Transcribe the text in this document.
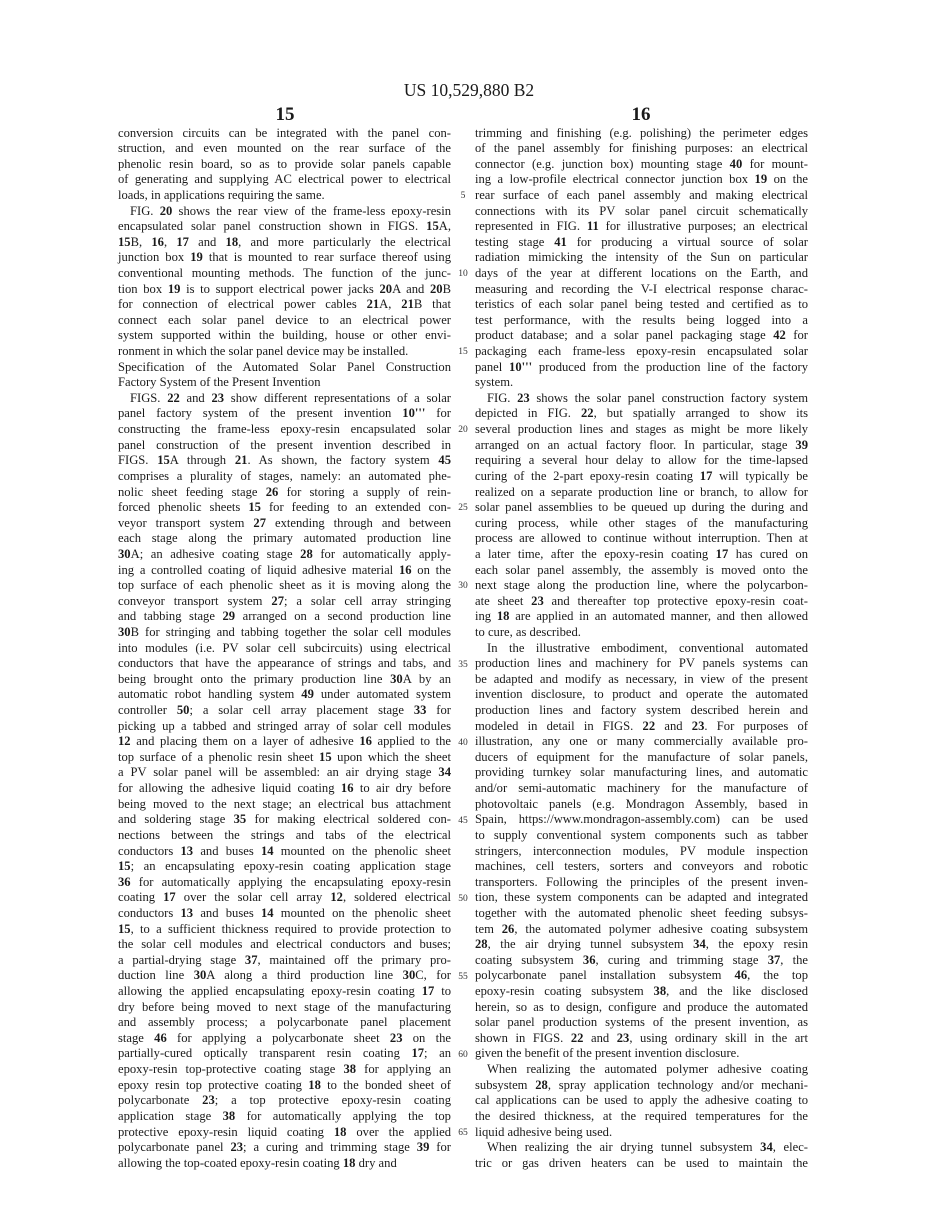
US 10,529,880 B2
15	16
conversion circuits can be integrated with the panel con-
struction, and even mounted on the rear surface of the
phenolic resin board, so as to provide solar panels capable
of generating and supplying AC electrical power to electrical
loads, in applications requiring the same.
FIG. 20 shows the rear view of the frame-less epoxy-resin
encapsulated solar panel construction shown in FIGS. 15A,
15B, 16, 17 and 18, and more particularly the electrical
junction box 19 that is mounted to rear surface thereof using
conventional mounting methods. The function of the junc-
tion box 19 is to support electrical power jacks 20A and 20B
for connection of electrical power cables 21A, 21B that
connect each solar panel device to an electrical power
system supported within the building, house or other envi-
ronment in which the solar panel device may be installed.
Specification of the Automated Solar Panel Construction
Factory System of the Present Invention
FIGS. 22 and 23 show different representations of a solar
panel factory system of the present invention 10''' for
constructing the frame-less epoxy-resin encapsulated solar
panel construction of the present invention described in
FIGS. 15A through 21. As shown, the factory system 45
comprises a plurality of stages, namely: an automated phe-
nolic sheet feeding stage 26 for storing a supply of rein-
forced phenolic sheets 15 for feeding to an extended con-
veyor transport system 27 extending through and between
each stage along the primary automated production line
30A; an adhesive coating stage 28 for automatically apply-
ing a controlled coating of liquid adhesive material 16 on the
top surface of each phenolic sheet as it is moving along the
conveyor transport system 27; a solar cell array stringing
and tabbing stage 29 arranged on a second production line
30B for stringing and tabbing together the solar cell modules
into modules (i.e. PV solar cell subcircuits) using electrical
conductors that have the appearance of strings and tabs, and
being brought onto the primary production line 30A by an
automatic robot handling system 49 under automated system
controller 50; a solar cell array placement stage 33 for
picking up a tabbed and stringed array of solar cell modules
12 and placing them on a layer of adhesive 16 applied to the
top surface of a phenolic resin sheet 15 upon which the sheet
a PV solar panel will be assembled: an air drying stage 34
for allowing the adhesive liquid coating 16 to air dry before
being moved to the next stage; an electrical bus attachment
and soldering stage 35 for making electrical soldered con-
nections between the strings and tabs of the electrical
conductors 13 and buses 14 mounted on the phenolic sheet
15; an encapsulating epoxy-resin coating application stage
36 for automatically applying the encapsulating epoxy-resin
coating 17 over the solar cell array 12, soldered electrical
conductors 13 and buses 14 mounted on the phenolic sheet
15, to a sufficient thickness required to provide protection to
the solar cell modules and electrical conductors and buses;
a partial-drying stage 37, maintained off the primary pro-
duction line 30A along a third production line 30C, for
allowing the applied encapsulating epoxy-resin coating 17 to
dry before being moved to next stage of the manufacturing
and assembly process; a polycarbonate panel placement
stage 46 for applying a polycarbonate sheet 23 on the
partially-cured optically transparent resin coating 17; an
epoxy-resin top-protective coating stage 38 for applying an
epoxy resin top protective coating 18 to the bonded sheet of
polycarbonate 23; a top protective epoxy-resin coating
application stage 38 for automatically applying the top
protective epoxy-resin liquid coating 18 over the applied
polycarbonate panel 23; a curing and trimming stage 39 for
allowing the top-coated epoxy-resin coating 18 dry and
trimming and finishing (e.g. polishing) the perimeter edges
of the panel assembly for finishing purposes: an electrical
connector (e.g. junction box) mounting stage 40 for mount-
ing a low-profile electrical connector junction box 19 on the
rear surface of each panel assembly and making electrical
connections with its PV solar panel circuit schematically
represented in FIG. 11 for illustrative purposes; an electrical
testing stage 41 for producing a virtual source of solar
radiation mimicking the intensity of the Sun on particular
days of the year at different locations on the Earth, and
measuring and recording the V-I electrical response charac-
teristics of each solar panel being tested and certified as to
test performance, with the results being logged into a
product database; and a solar panel packaging stage 42 for
packaging each frame-less epoxy-resin encapsulated solar
panel 10''' produced from the production line of the factory
system.
FIG. 23 shows the solar panel construction factory system
depicted in FIG. 22, but spatially arranged to show its
several production lines and stages as might be more likely
arranged on an actual factory floor. In particular, stage 39
requiring a several hour delay to allow for the time-lapsed
curing of the 2-part epoxy-resin coating 17 will typically be
realized on a separate production line or branch, to allow for
solar panel assemblies to be queued up during the during and
curing process, while other stages of the manufacturing
process are allowed to continue without interruption. Then at
a later time, after the epoxy-resin coating 17 has cured on
each solar panel assembly, the assembly is moved onto the
next stage along the production line, where the polycarbon-
ate sheet 23 and thereafter top protective epoxy-resin coat-
ing 18 are applied in an automated manner, and then allowed
to cure, as described.
In the illustrative embodiment, conventional automated
production lines and machinery for PV panels systems can
be adapted and modify as necessary, in view of the present
invention disclosure, to product and operate the automated
production lines and factory system described herein and
modeled in detail in FIGS. 22 and 23. For purposes of
illustration, any one or many commercially available pro-
ducers of equipment for the manufacture of solar panels,
providing turnkey solar manufacturing lines, and automatic
and/or semi-automatic machinery for the manufacture of
photovoltaic panels (e.g. Mondragon Assembly, based in
Spain, https://www.mondragon-assembly.com) can be used
to supply conventional system components such as tabber
stringers, interconnection modules, PV module inspection
machines, cell testers, sorters and conveyors and robotic
transporters. Following the principles of the present inven-
tion, these system components can be adapted and integrated
together with the automated phenolic sheet feeding subsys-
tem 26, the automated polymer adhesive coating subsystem
28, the air drying tunnel subsystem 34, the epoxy resin
coating subsystem 36, curing and trimming stage 37, the
polycarbonate panel installation subsystem 46, the top
epoxy-resin coating subsystem 38, and the like disclosed
herein, so as to design, configure and produce the automated
solar panel production systems of the present invention, as
shown in FIGS. 22 and 23, using ordinary skill in the art
given the benefit of the present invention disclosure.
When realizing the automated polymer adhesive coating
subsystem 28, spray application technology and/or mechani-
cal applications can be used to apply the adhesive coating to
the desired thickness, at the required temperatures for the
liquid adhesive being used.
When realizing the air drying tunnel subsystem 34, elec-
tric or gas driven heaters can be used to maintain the
5
10
15
20
25
30
35
40
45
50
55
60
65
